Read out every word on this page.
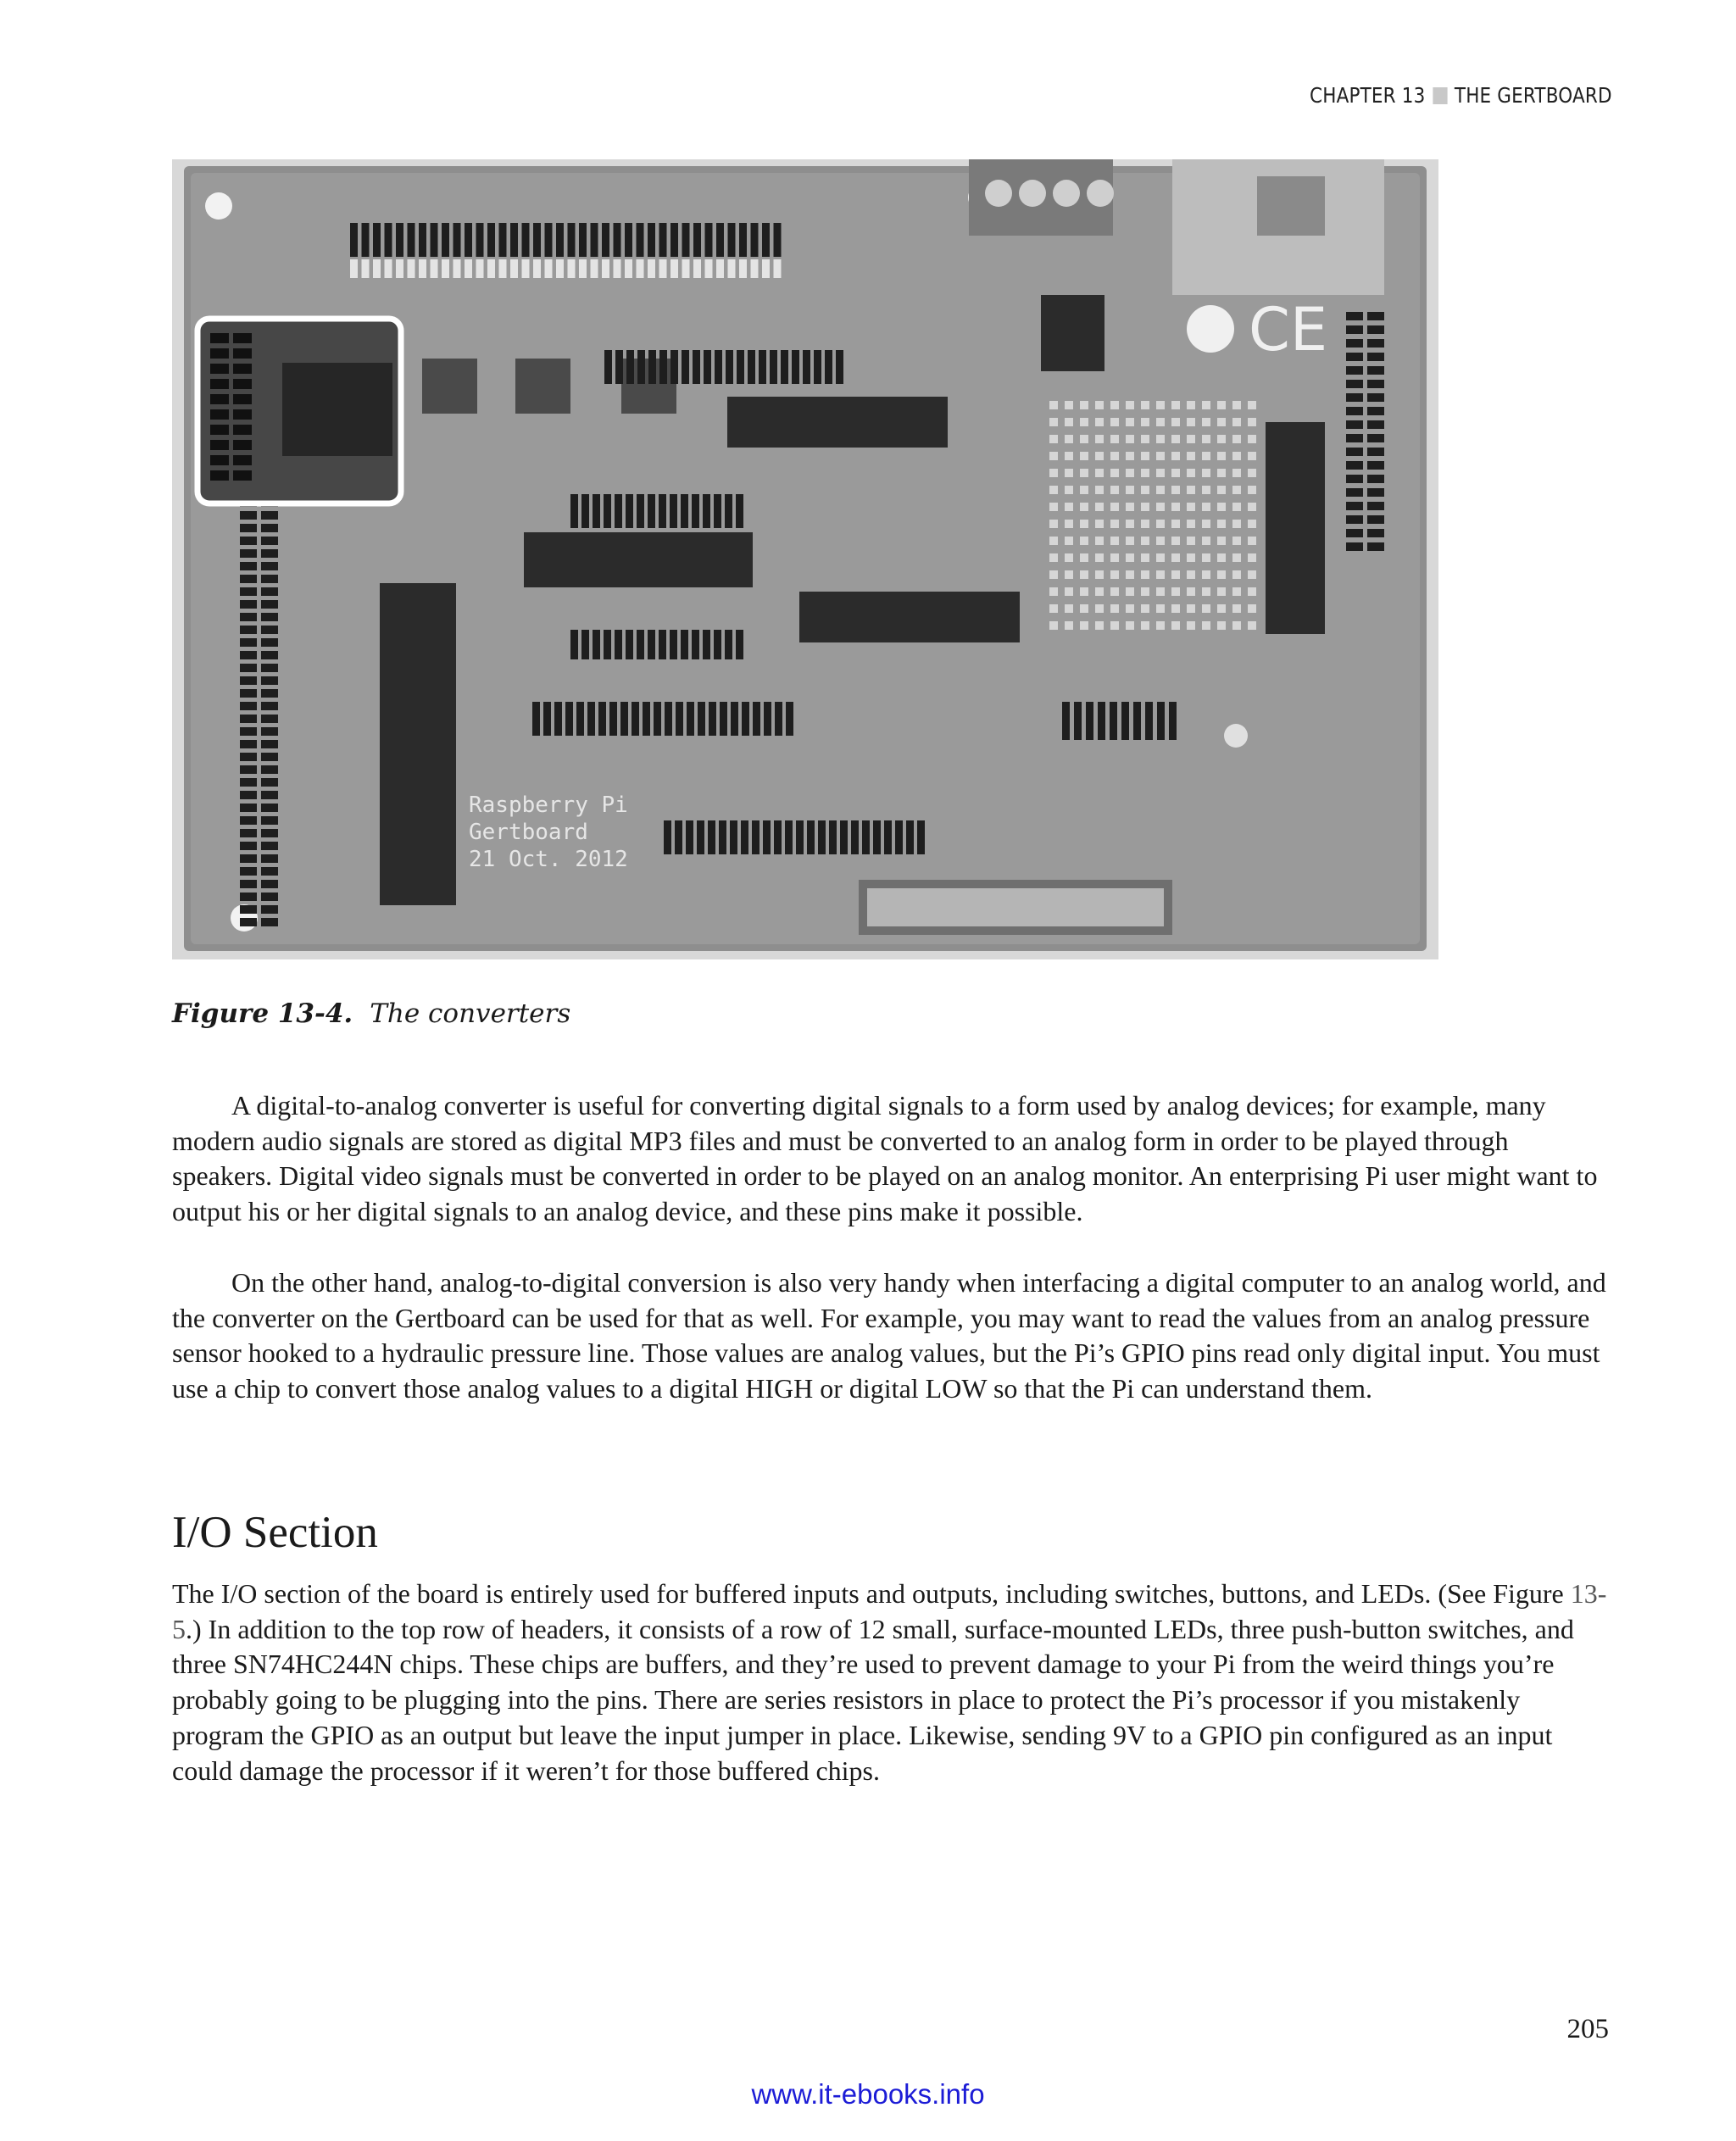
CHAPTER 13 THE GERTBOARD
CE
Raspberry Pi Gertboard 21 Oct. 2012
Figure 13-4. The converters

A digital-to-analog converter is useful for converting digital signals to a form used by analog devices; for example, many modern audio signals are stored as digital MP3 files and must be converted to an analog form in order to be played through speakers. Digital video signals must be converted in order to be played on an analog monitor. An enterprising Pi user might want to output his or her digital signals to an analog device, and these pins make it possible.

On the other hand, analog-to-digital conversion is also very handy when interfacing a digital computer to an analog world, and the converter on the Gertboard can be used for that as well. For example, you may want to read the values from an analog pressure sensor hooked to a hydraulic pressure line. Those values are analog values, but the Pi’s GPIO pins read only digital input. You must use a chip to convert those analog values to a digital HIGH or digital LOW so that the Pi can understand them.

I/O Section

The I/O section of the board is entirely used for buffered inputs and outputs, including switches, buttons, and LEDs. (See Figure 13-5.) In addition to the top row of headers, it consists of a row of 12 small, surface-mounted LEDs, three push-button switches, and three SN74HC244N chips. These chips are buffers, and they’re used to prevent damage to your Pi from the weird things you’re probably going to be plugging into the pins. There are series resistors in place to protect the Pi’s processor if you mistakenly program the GPIO as an output but leave the input jumper in place. Likewise, sending 9V to a GPIO pin configured as an input could damage the processor if it weren’t for those buffered chips.

205
www.it-ebooks.info
